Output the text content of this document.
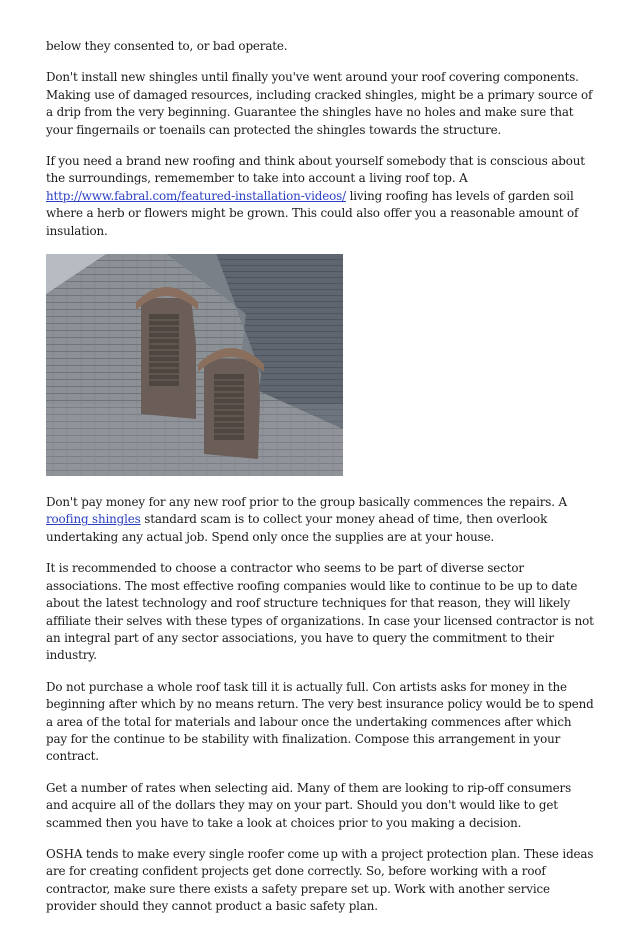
below they consented to, or bad operate.

Don't install new shingles until finally you've went around your roof covering components. Making use of damaged resources, including cracked shingles, might be a primary source of a drip from the very beginning. Guarantee the shingles have no holes and make sure that your fingernails or toenails can protected the shingles towards the structure.

If you need a brand new roofing and think about yourself somebody that is conscious about the surroundings, rememember to take into account a living roof top. A http://www.fabral.com/featured-installation-videos/ living roofing has levels of garden soil where a herb or flowers might be grown. This could also offer you a reasonable amount of insulation.

Don't pay money for any new roof prior to the group basically commences the repairs. A roofing shingles standard scam is to collect your money ahead of time, then overlook undertaking any actual job. Spend only once the supplies are at your house.

It is recommended to choose a contractor who seems to be part of diverse sector associations. The most effective roofing companies would like to continue to be up to date about the latest technology and roof structure techniques for that reason, they will likely affiliate their selves with these types of organizations. In case your licensed contractor is not an integral part of any sector associations, you have to query the commitment to their industry.

Do not purchase a whole roof task till it is actually full. Con artists asks for money in the beginning after which by no means return. The very best insurance policy would be to spend a area of the total for materials and labour once the undertaking commences after which pay for the continue to be stability with finalization. Compose this arrangement in your contract.

Get a number of rates when selecting aid. Many of them are looking to rip-off consumers and acquire all of the dollars they may on your part. Should you don't would like to get scammed then you have to take a look at choices prior to you making a decision.

OSHA tends to make every single roofer come up with a project protection plan. These ideas are for creating confident projects get done correctly. So, before working with a roof contractor, make sure there exists a safety prepare set up. Work with another service provider should they cannot product a basic safety plan.
